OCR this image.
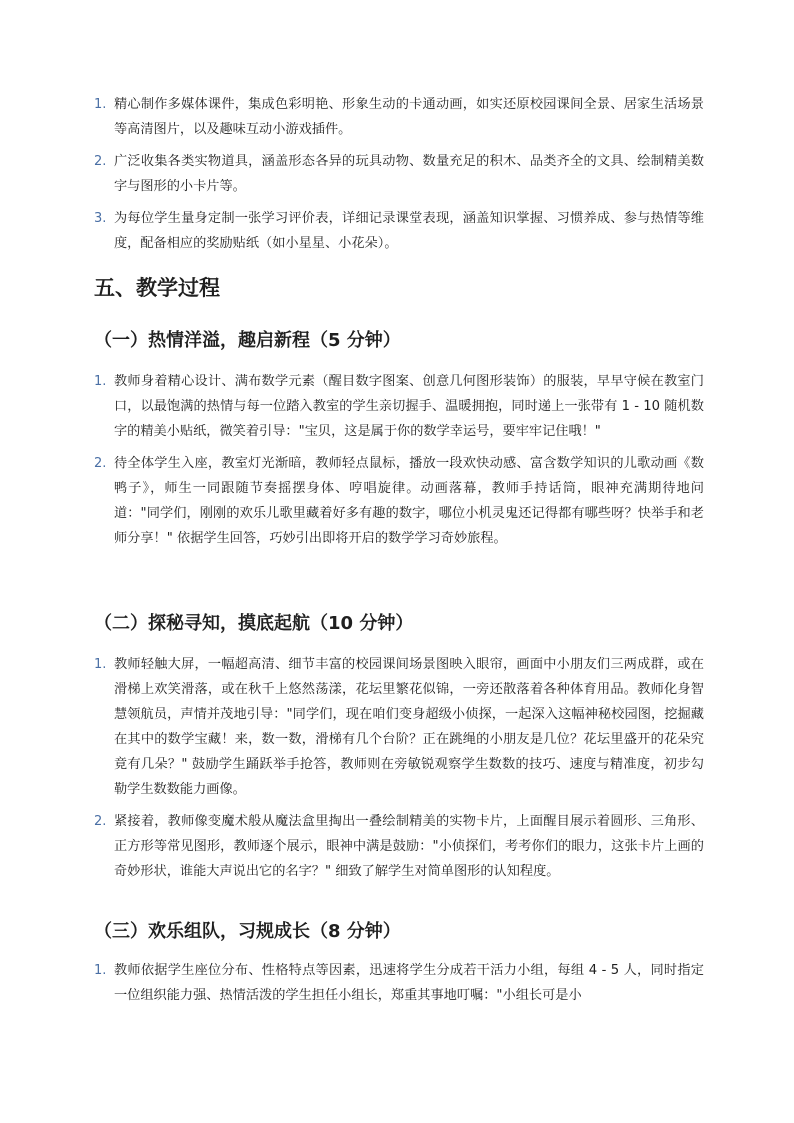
1. 精心制作多媒体课件，集成色彩明艳、形象生动的卡通动画，如实还原校园课间全景、居家生活场景等高清图片，以及趣味互动小游戏插件。
2. 广泛收集各类实物道具，涵盖形态各异的玩具动物、数量充足的积木、品类齐全的文具、绘制精美数字与图形的小卡片等。
3. 为每位学生量身定制一张学习评价表，详细记录课堂表现，涵盖知识掌握、习惯养成、参与热情等维度，配备相应的奖励贴纸（如小星星、小花朵）。
五、教学过程
（一）热情洋溢，趣启新程（5 分钟）
1. 教师身着精心设计、满布数学元素（醒目数字图案、创意几何图形装饰）的服装，早早守候在教室门口，以最饱满的热情与每一位踏入教室的学生亲切握手、温暖拥抱，同时递上一张带有 1 - 10 随机数字的精美小贴纸，微笑着引导："宝贝，这是属于你的数学幸运号，要牢牢记住哦！"
2. 待全体学生入座，教室灯光渐暗，教师轻点鼠标，播放一段欢快动感、富含数学知识的儿歌动画《数鸭子》，师生一同跟随节奏摇摆身体、哼唱旋律。动画落幕，教师手持话筒，眼神充满期待地问道："同学们，刚刚的欢乐儿歌里藏着好多有趣的数字，哪位小机灵鬼还记得都有哪些呀？快举手和老师分享！" 依据学生回答，巧妙引出即将开启的数学学习奇妙旅程。
（二）探秘寻知，摸底起航（10 分钟）
1. 教师轻触大屏，一幅超高清、细节丰富的校园课间场景图映入眼帘，画面中小朋友们三两成群，或在滑梯上欢笑滑落，或在秋千上悠然荡漾，花坛里繁花似锦，一旁还散落着各种体育用品。教师化身智慧领航员，声情并茂地引导："同学们，现在咱们变身超级小侦探，一起深入这幅神秘校园图，挖掘藏在其中的数学宝藏！来，数一数，滑梯有几个台阶？正在跳绳的小朋友是几位？花坛里盛开的花朵究竟有几朵？" 鼓励学生踊跃举手抢答，教师则在旁敏锐观察学生数数的技巧、速度与精准度，初步勾勒学生数数能力画像。
2. 紧接着，教师像变魔术般从魔法盒里掏出一叠绘制精美的实物卡片，上面醒目展示着圆形、三角形、正方形等常见图形，教师逐个展示，眼神中满是鼓励："小侦探们，考考你们的眼力，这张卡片上画的奇妙形状，谁能大声说出它的名字？" 细致了解学生对简单图形的认知程度。
（三）欢乐组队，习规成长（8 分钟）
1. 教师依据学生座位分布、性格特点等因素，迅速将学生分成若干活力小组，每组 4 - 5 人，同时指定一位组织能力强、热情活泼的学生担任小组长，郑重其事地叮嘱："小组长可是小
